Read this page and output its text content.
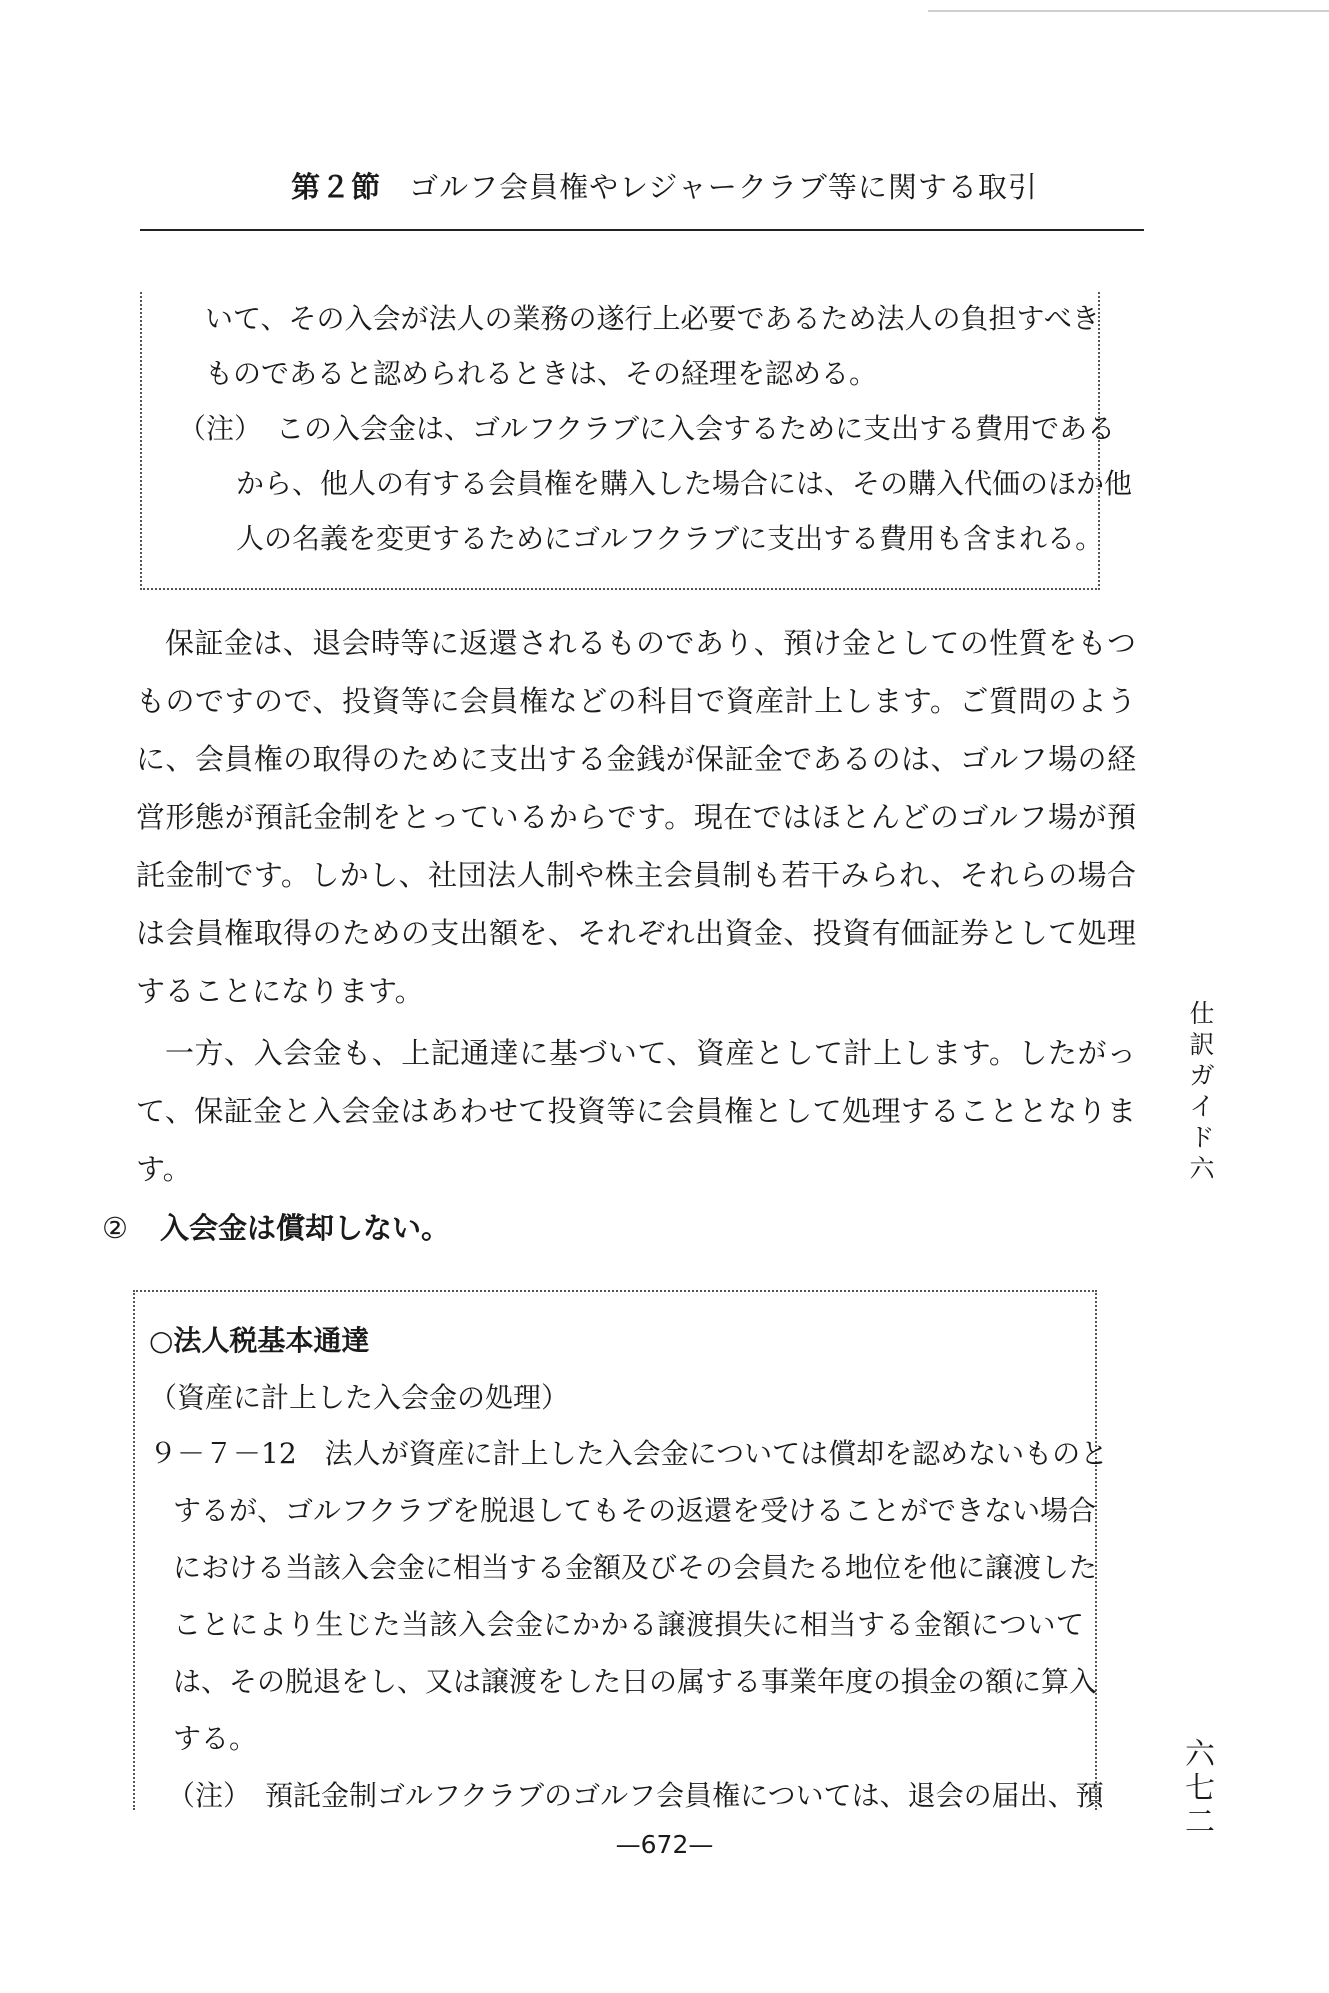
第２節 ゴルフ会員権やレジャークラブ等に関する取引
いて、その入会が法人の業務の遂行上必要であるため法人の負担すべき
ものであると認められるときは、その経理を認める。
（注）　この入会金は、ゴルフクラブに入会するために支出する費用である
から、他人の有する会員権を購入した場合には、その購入代価のほか他
人の名義を変更するためにゴルフクラブに支出する費用も含まれる。
保証金は、退会時等に返還されるものであり、預け金としての性質をもつ
ものですので、投資等に会員権などの科目で資産計上します。ご質問のよう
に、会員権の取得のために支出する金銭が保証金であるのは、ゴルフ場の経
営形態が預託金制をとっているからです。現在ではほとんどのゴルフ場が預
託金制です。しかし、社団法人制や株主会員制も若干みられ、それらの場合
は会員権取得のための支出額を、それぞれ出資金、投資有価証券として処理
することになります。
一方、入会金も、上記通達に基づいて、資産として計上します。したがっ
て、保証金と入会金はあわせて投資等に会員権として処理することとなりま
す。
② 入会金は償却しない。
○法人税基本通達
（資産に計上した入会金の処理）
９－７－12　法人が資産に計上した入会金については償却を認めないものと
するが、ゴルフクラブを脱退してもその返還を受けることができない場合
における当該入会金に相当する金額及びその会員たる地位を他に譲渡した
ことにより生じた当該入会金にかかる譲渡損失に相当する金額について
は、その脱退をし、又は譲渡をした日の属する事業年度の損金の額に算入
する。
（注）　預託金制ゴルフクラブのゴルフ会員権については、退会の届出、預
仕
訳
ガ
イ
ド
六
六
七
二
—672—
